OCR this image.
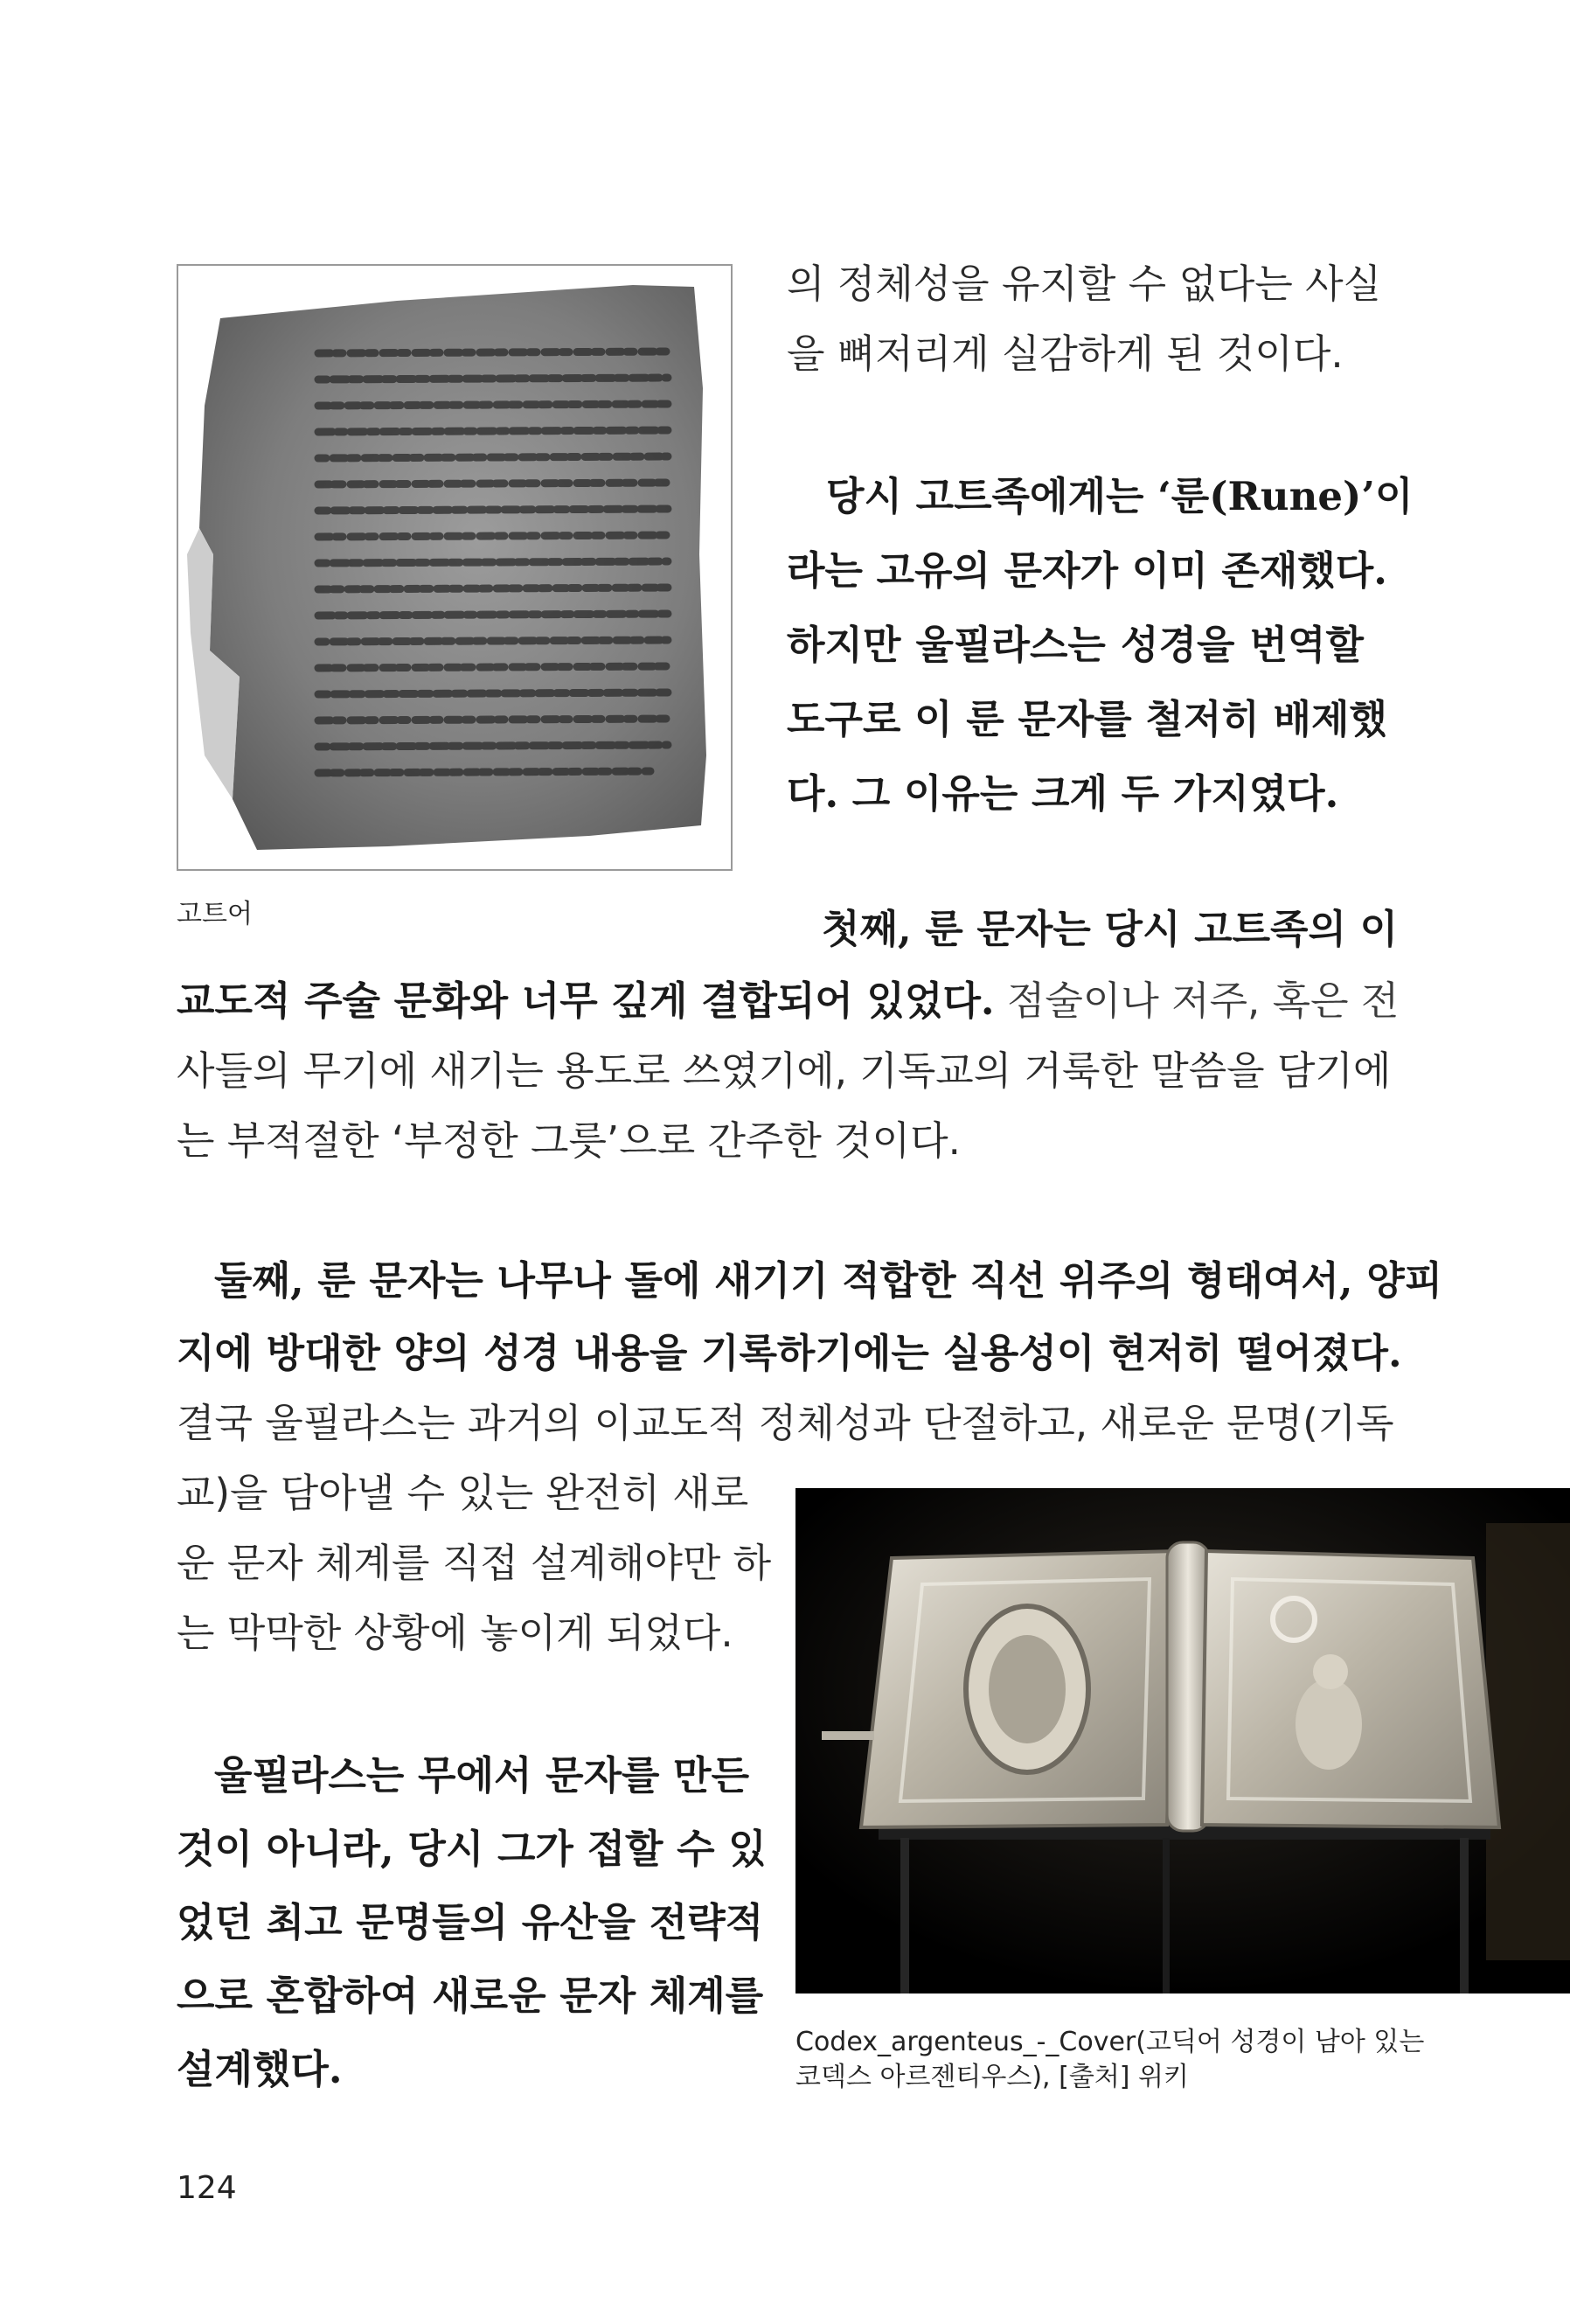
고트어
의 정체성을 유지할 수 없다는 사실
을 뼈저리게 실감하게 된 것이다.
당시 고트족에게는 ‘룬(Rune)’이
라는 고유의 문자가 이미 존재했다.
하지만 울필라스는 성경을 번역할
도구로 이 룬 문자를 철저히 배제했
다. 그 이유는 크게 두 가지였다.
첫째, 룬 문자는 당시 고트족의 이
교도적 주술 문화와 너무 깊게 결합되어 있었다. 점술이나 저주, 혹은 전
사들의 무기에 새기는 용도로 쓰였기에, 기독교의 거룩한 말씀을 담기에
는 부적절한 ‘부정한 그릇’으로 간주한 것이다.
둘째, 룬 문자는 나무나 돌에 새기기 적합한 직선 위주의 형태여서, 양피
지에 방대한 양의 성경 내용을 기록하기에는 실용성이 현저히 떨어졌다.
결국 울필라스는 과거의 이교도적 정체성과 단절하고, 새로운 문명(기독
교)을 담아낼 수 있는 완전히 새로
운 문자 체계를 직접 설계해야만 하
는 막막한 상황에 놓이게 되었다.
울필라스는 무에서 문자를 만든
것이 아니라, 당시 그가 접할 수 있
었던 최고 문명들의 유산을 전략적
으로 혼합하여 새로운 문자 체계를
설계했다.
Codex_argenteus_-_Cover(고딕어 성경이 남아 있는
코덱스 아르젠티우스), [출처] 위키
124
